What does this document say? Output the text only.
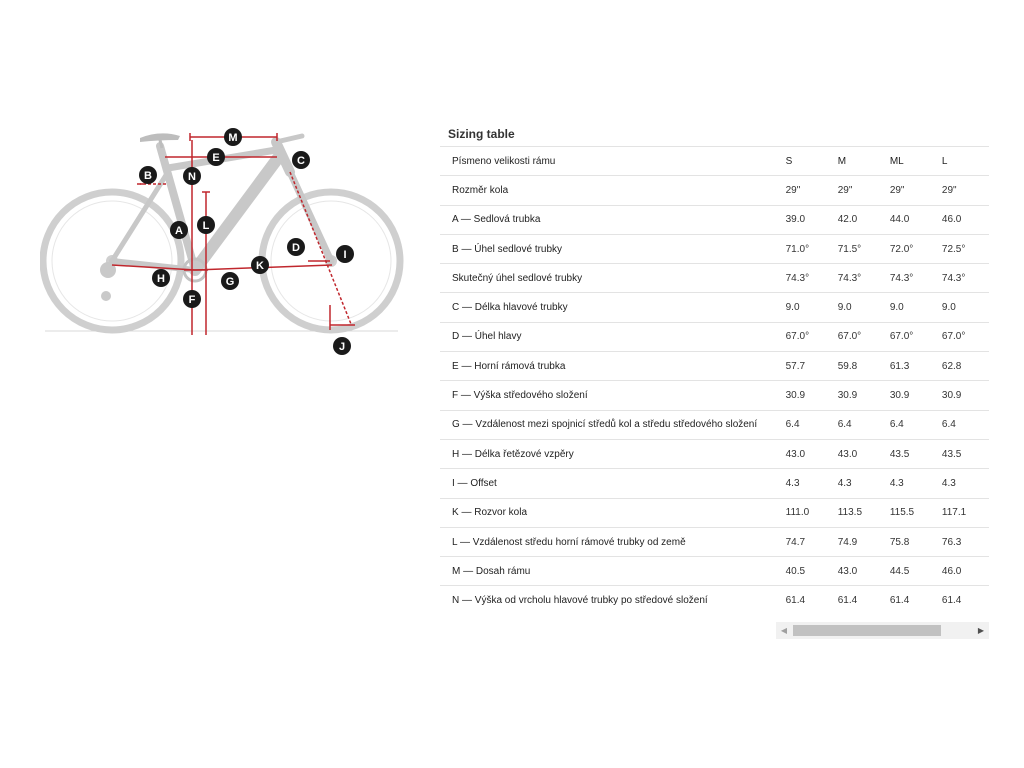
M
E	C
B	N
L
A
D
I
K
H	G
F
J
Sizing table
Písmeno velikosti rámu	S	M	ML	L
Rozměr kola	29"	29"	29"	29"
A — Sedlová trubka	39.0	42.0	44.0	46.0
B — Úhel sedlové trubky	71.0°	71.5°	72.0°	72.5°
Skutečný úhel sedlové trubky	74.3°	74.3°	74.3°	74.3°
C — Délka hlavové trubky	9.0	9.0	9.0	9.0
D — Úhel hlavy	67.0°	67.0°	67.0°	67.0°
E — Horní rámová trubka	57.7	59.8	61.3	62.8
F — Výška středového složení	30.9	30.9	30.9	30.9
G — Vzdálenost mezi spojnicí středů kol a středu středového složení	6.4	6.4	6.4	6.4
H — Délka řetězové vzpěry	43.0	43.0	43.5	43.5
I — Offset	4.3	4.3	4.3	4.3
K — Rozvor kola	111.0	113.5	115.5	117.1
L — Vzdálenost středu horní rámové trubky od země	74.7	74.9	75.8	76.3
M — Dosah rámu	40.5	43.0	44.5	46.0
N — Výška od vrcholu hlavové trubky po středové složení	61.4	61.4	61.4	61.4
◀	▶
